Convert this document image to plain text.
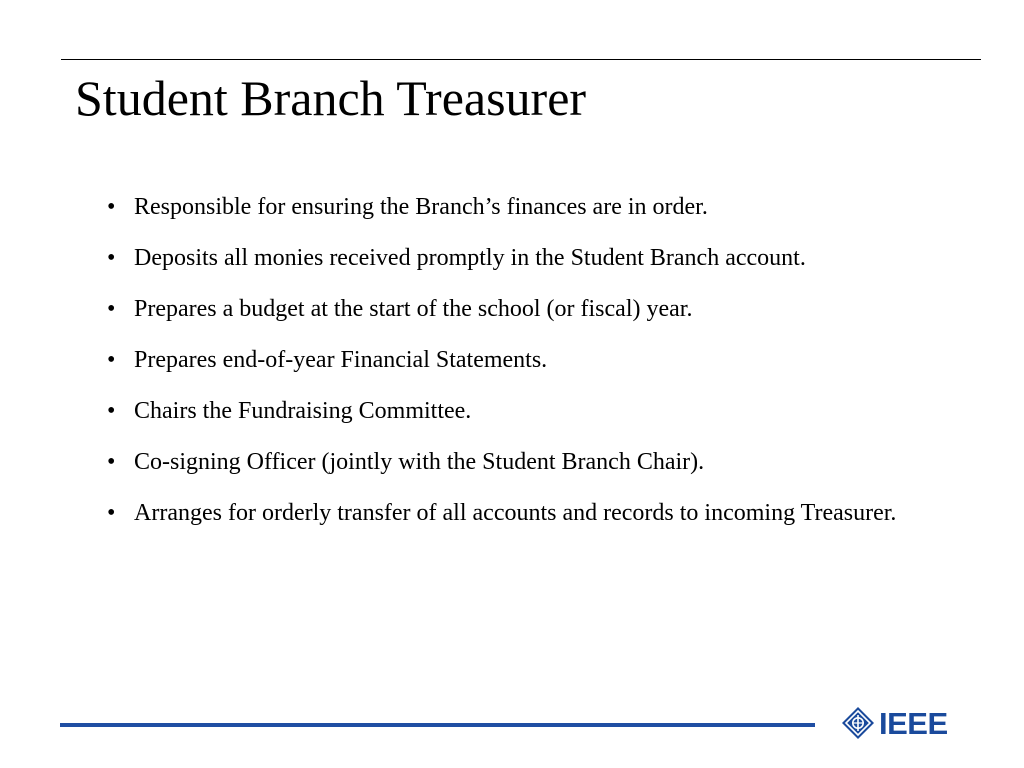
Student Branch Treasurer
• Responsible for ensuring the Branch’s finances are in order.
• Deposits all monies received promptly in the Student Branch account.
• Prepares a budget at the start of the school (or fiscal) year.
• Prepares end-of-year Financial Statements.
• Chairs the Fundraising Committee.
• Co-signing Officer (jointly with the Student Branch Chair).
• Arranges for orderly transfer of all accounts and records to incoming Treasurer.
IEEE
